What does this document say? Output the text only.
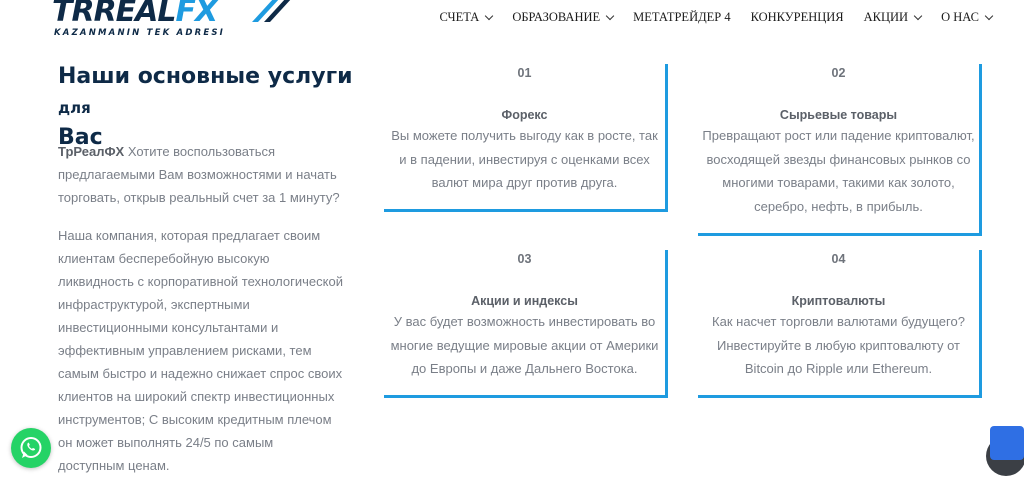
TRREALFX
KAZANMANIN TEK ADRESI
СЧЕТА	ОБРАЗОВАНИЕ	МЕТАТРЕЙДЕР 4 КОНКУРЕНЦИЯ АКЦИИ	О НАС
Наши основные услуги для
Вас

ТрРеалФХ Хотите воспользоваться предлагаемыми Вам возможностями и начать торговать, открыв реальный счет за 1 минуту?

Наша компания, которая предлагает своим клиентам бесперебойную высокую ликвидность с корпоративной технологической инфраструктурой, экспертными инвестиционными консультантами и эффективным управлением рисками, тем самым быстро и надежно снижает спрос своих клиентов на широкий спектр инвестиционных инструментов; С высоким кредитным плечом он может выполнять 24/5 по самым доступным ценам.

01
Форекс
Вы можете получить выгоду как в росте, так и в падении, инвестируя с оценками всех валют мира друг против друга.
02
Сырьевые товары
Превращают рост или падение криптовалют, восходящей звезды финансовых рынков со многими товарами, такими как золото, серебро, нефть, в прибыль.
03
Акции и индексы
У вас будет возможность инвестировать во многие ведущие мировые акции от Америки до Европы и даже Дальнего Востока.
04
Криптовалюты
Как насчет торговли валютами будущего? Инвестируйте в любую криптовалюту от Bitcoin до Ripple или Ethereum.
